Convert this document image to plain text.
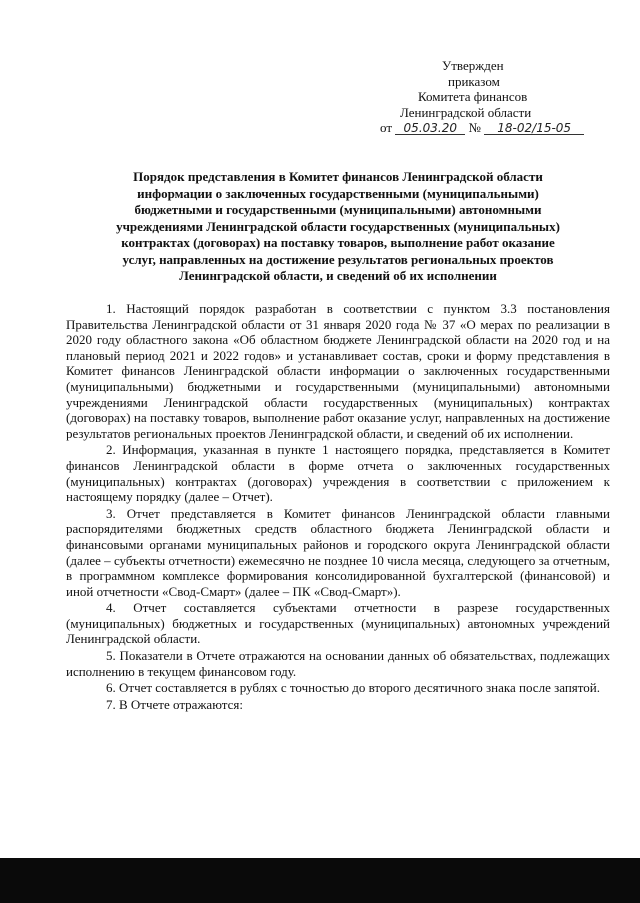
Утвержден
приказом
Комитета финансов
Ленинградской области
от 05.03.20 № 18-02/15-05
Порядок представления в Комитет финансов Ленинградской области
информации о заключенных государственными (муниципальными)
бюджетными и государственными (муниципальными) автономными
учреждениями Ленинградской области государственных (муниципальных)
контрактах (договорах) на поставку товаров, выполнение работ оказание
услуг, направленных на достижение результатов региональных проектов
Ленинградской области, и сведений об их исполнении

1. Настоящий порядок разработан в соответствии с пунктом 3.3 постановления Правительства Ленинградской области от 31 января 2020 года № 37 «О мерах по реализации в 2020 году областного закона «Об областном бюджете Ленинградской области на 2020 год и на плановый период 2021 и 2022 годов» и устанавливает состав, сроки и форму представления в Комитет финансов Ленинградской области информации о заключенных государственными (муниципальными) бюджетными и государственными (муниципальными) автономными учреждениями Ленинградской области государственных (муниципальных) контрактах (договорах) на поставку товаров, выполнение работ оказание услуг, направленных на достижение результатов региональных проектов Ленинградской области, и сведений об их исполнении.

2. Информация, указанная в пункте 1 настоящего порядка, представляется в Комитет финансов Ленинградской области в форме отчета о заключенных государственных (муниципальных) контрактах (договорах) учреждения в соответствии с приложением к настоящему порядку (далее – Отчет).

3. Отчет представляется в Комитет финансов Ленинградской области главными распорядителями бюджетных средств областного бюджета Ленинградской области и финансовыми органами муниципальных районов и городского округа Ленинградской области (далее – субъекты отчетности) ежемесячно не позднее 10 числа месяца, следующего за отчетным, в программном комплексе формирования консолидированной бухгалтерской (финансовой) и иной отчетности «Свод-Смарт» (далее – ПК «Свод-Смарт»).

4. Отчет составляется субъектами отчетности в разрезе государственных (муниципальных) бюджетных и государственных (муниципальных) автономных учреждений Ленинградской области.

5. Показатели в Отчете отражаются на основании данных об обязательствах, подлежащих исполнению в текущем финансовом году.

6. Отчет составляется в рублях с точностью до второго десятичного знака после запятой.

7. В Отчете отражаются:
